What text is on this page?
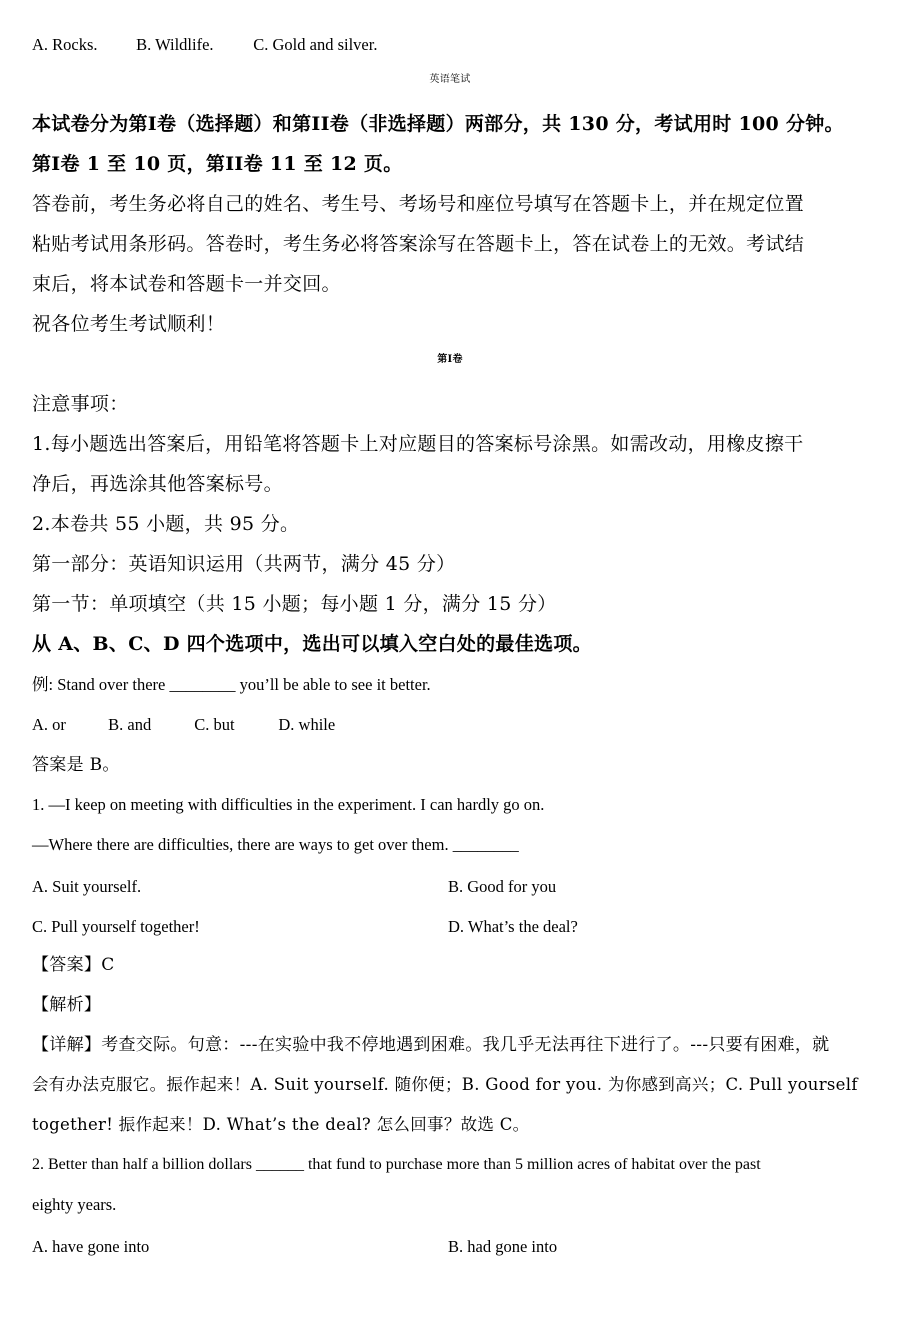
A. Rocks. B. Wildlife. C. Gold and silver.
英语笔试
本试卷分为第I卷（选择题）和第II卷（非选择题）两部分，共 130 分，考试用时 100 分钟。
第I卷 1 至 10 页，第II卷 11 至 12 页。
答卷前，考生务必将自己的姓名、考生号、考场号和座位号填写在答题卡上，并在规定位置
粘贴考试用条形码。答卷时，考生务必将答案涂写在答题卡上，答在试卷上的无效。考试结
束后，将本试卷和答题卡一并交回。
祝各位考生考试顺利！
第I卷
注意事项：
1.每小题选出答案后，用铅笔将答题卡上对应题目的答案标号涂黑。如需改动，用橡皮擦干
净后，再选涂其他答案标号。
2.本卷共 55 小题，共 95 分。
第一部分：英语知识运用（共两节，满分 45 分）
第一节：单项填空（共 15 小题；每小题 1 分，满分 15 分）
从 A、B、C、D 四个选项中，选出可以填入空白处的最佳选项。
例: Stand over there ________ you’ll be able to see it better.
A. or	B. and	C. but	D. while
答案是 B。
1. —I keep on meeting with difficulties in the experiment. I can hardly go on.
—Where there are difficulties, there are ways to get over them. ________
A. Suit yourself.	B. Good for you
C. Pull yourself together!	D. What’s the deal?
【答案】C
【解析】
【详解】考查交际。句意：---在实验中我不停地遇到困难。我几乎无法再往下进行了。---只要有困难，就
会有办法克服它。振作起来！A. Suit yourself. 随你便；B. Good for you. 为你感到高兴；C. Pull yourself
together! 振作起来！D. What’s the deal? 怎么回事？故选 C。
2. Better than half a billion dollars ______ that fund to purchase more than 5 million acres of habitat over the past
eighty years.
A. have gone into	B. had gone into
